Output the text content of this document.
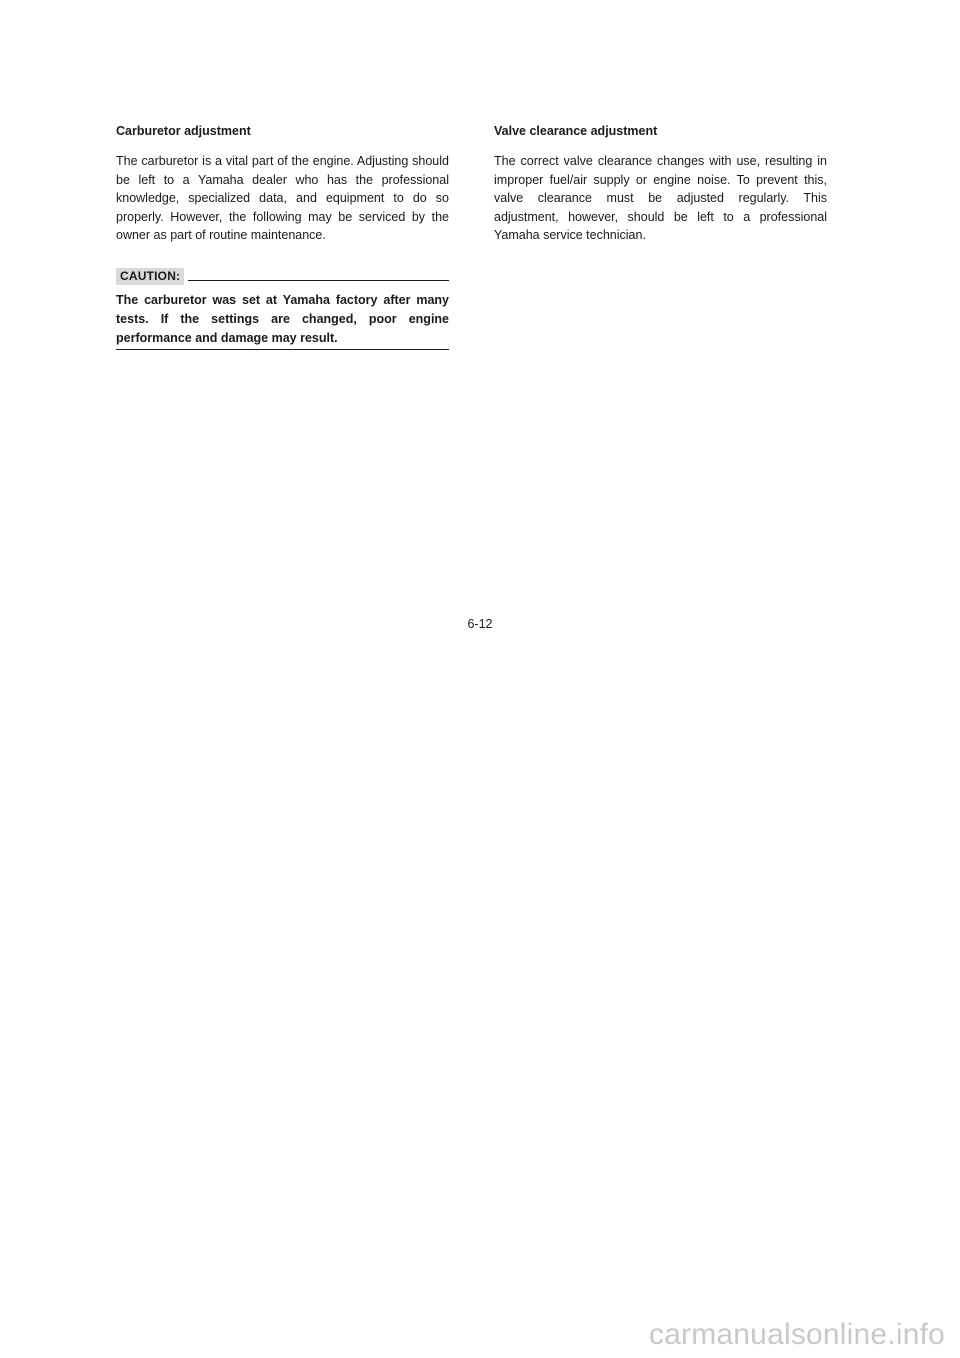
Carburetor adjustment

The carburetor is a vital part of the engine. Adjusting should be left to a Yamaha dealer who has the professional knowledge, specialized data, and equipment to do so properly. However, the following may be serviced by the owner as part of routine maintenance.

CAUTION:

The carburetor was set at Yamaha factory after many tests. If the settings are changed, poor engine performance and damage may result.

Valve clearance adjustment

The correct valve clearance changes with use, resulting in improper fuel/air supply or engine noise. To prevent this, valve clearance must be adjusted regularly. This adjustment, however, should be left to a professional Yamaha service technician.

6-12
carmanualsonline.info
